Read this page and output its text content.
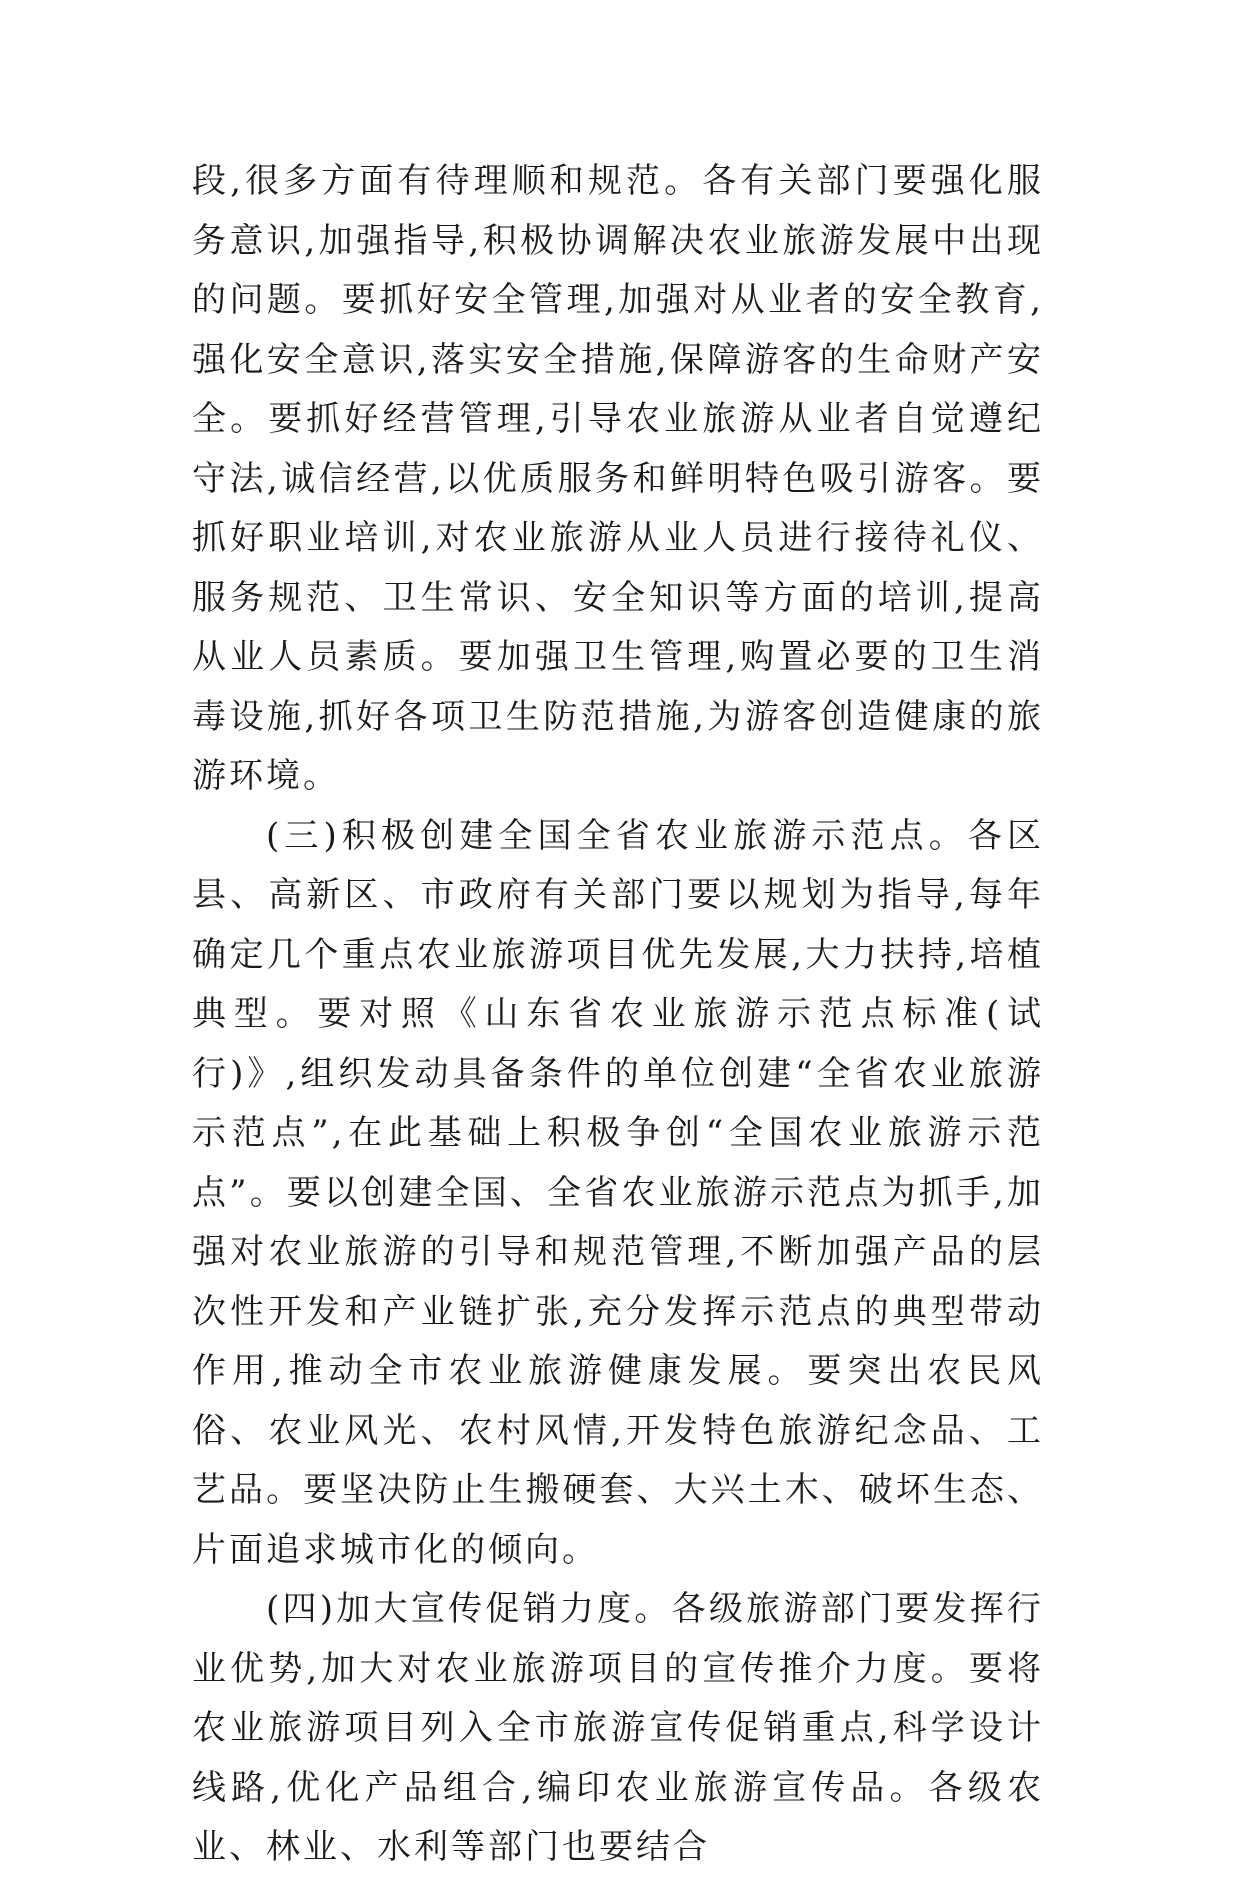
段,很多方面有待理顺和规范。各有关部门要强化服务意识,加强指导,积极协调解决农业旅游发展中出现的问题。要抓好安全管理,加强对从业者的安全教育,强化安全意识,落实安全措施,保障游客的生命财产安全。要抓好经营管理,引导农业旅游从业者自觉遵纪守法,诚信经营,以优质服务和鲜明特色吸引游客。要抓好职业培训,对农业旅游从业人员进行接待礼仪、服务规范、卫生常识、安全知识等方面的培训,提高从业人员素质。要加强卫生管理,购置必要的卫生消毒设施,抓好各项卫生防范措施,为游客创造健康的旅游环境。

(三)积极创建全国全省农业旅游示范点。各区县、高新区、市政府有关部门要以规划为指导,每年确定几个重点农业旅游项目优先发展,大力扶持,培植典型。要对照《山东省农业旅游示范点标准(试行)》,组织发动具备条件的单位创建“全省农业旅游示范点”,在此基础上积极争创“全国农业旅游示范点”。要以创建全国、全省农业旅游示范点为抓手,加强对农业旅游的引导和规范管理,不断加强产品的层次性开发和产业链扩张,充分发挥示范点的典型带动作用,推动全市农业旅游健康发展。要突出农民风俗、农业风光、农村风情,开发特色旅游纪念品、工艺品。要坚决防止生搬硬套、大兴土木、破坏生态、片面追求城市化的倾向。

(四)加大宣传促销力度。各级旅游部门要发挥行业优势,加大对农业旅游项目的宣传推介力度。要将农业旅游项目列入全市旅游宣传促销重点,科学设计线路,优化产品组合,编印农业旅游宣传品。各级农业、林业、水利等部门也要结合
